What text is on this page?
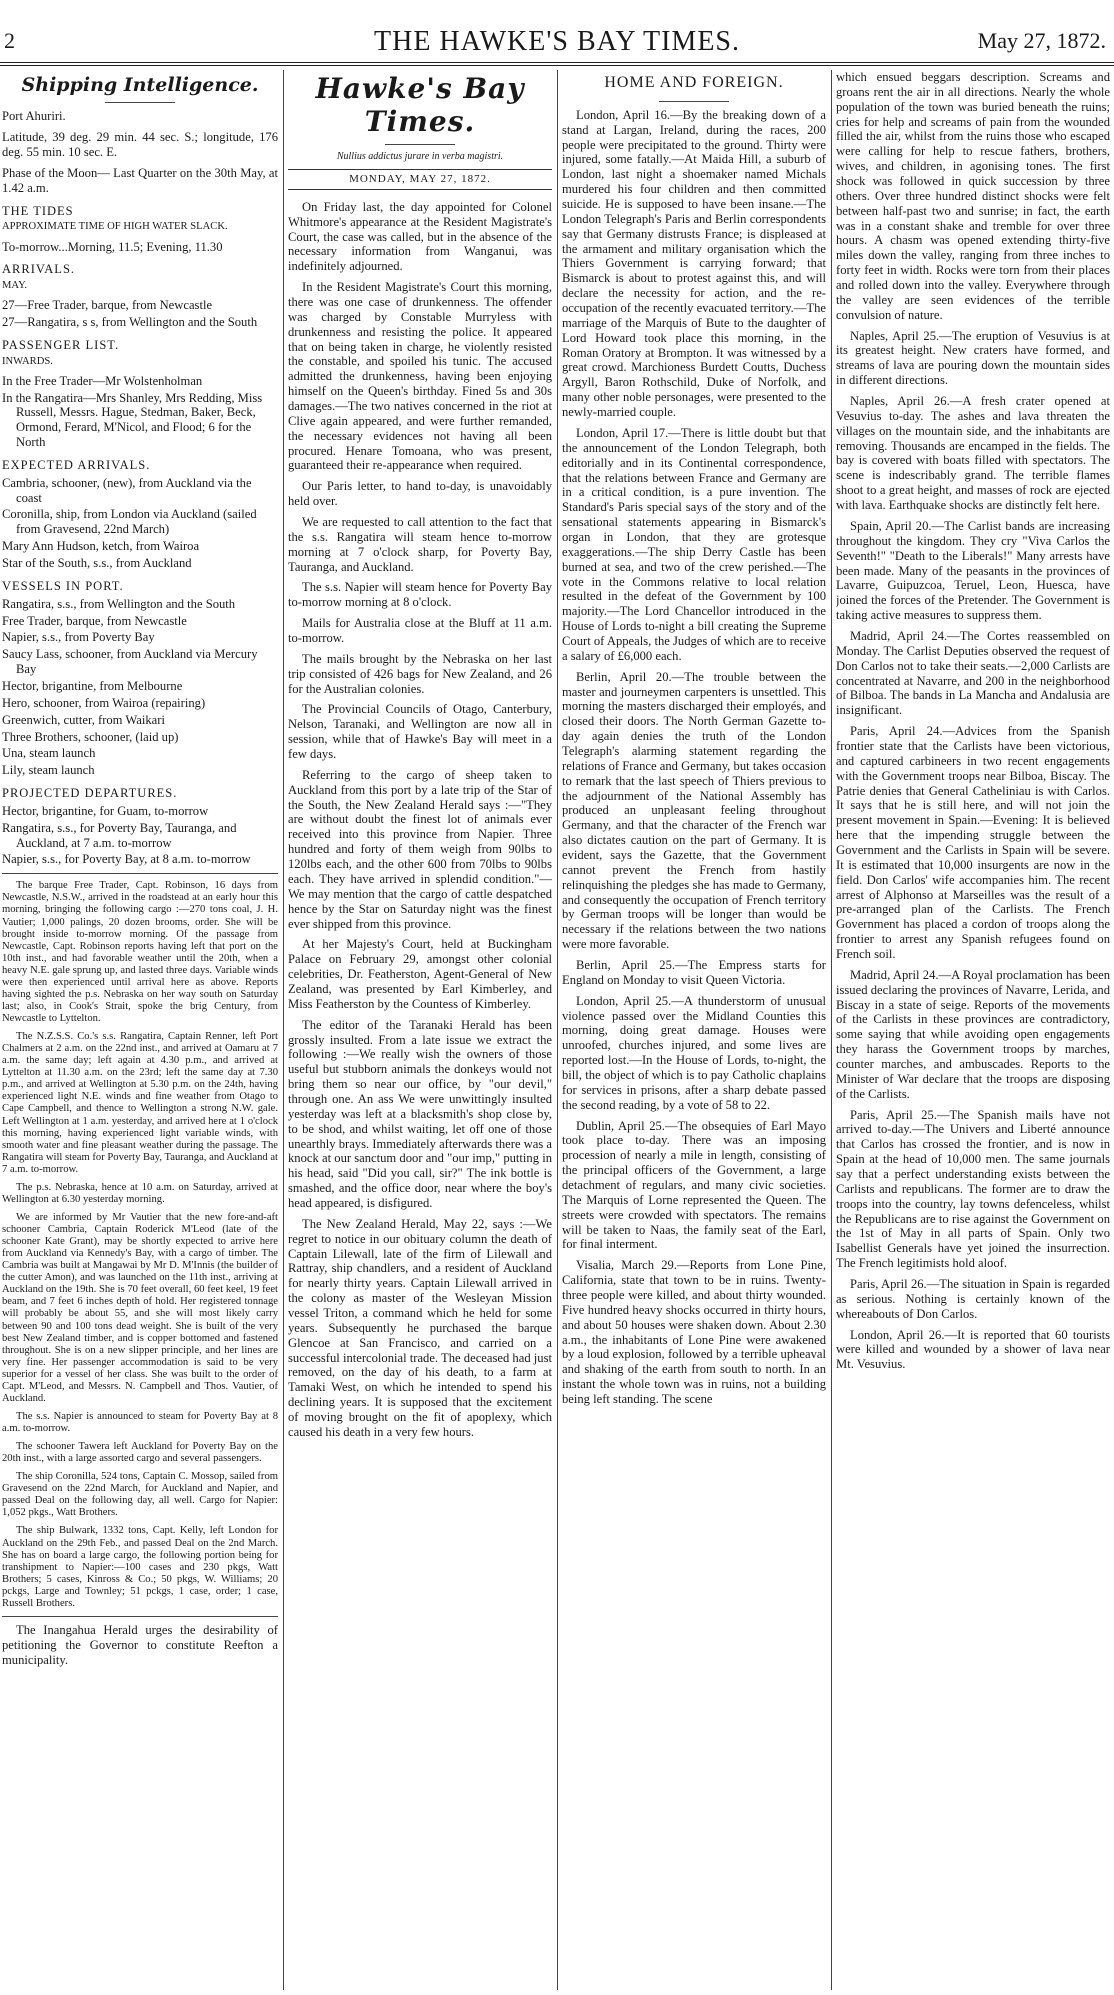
2	THE HAWKE'S BAY TIMES.	May 27, 1872.
Shipping Intelligence.

Port Ahuriri.

Latitude, 39 deg. 29 min. 44 sec. S.; longitude, 176 deg. 55 min. 10 sec. E.

Phase of the Moon— Last Quarter on the 30th May, at 1.42 a.m.

THE TIDES

APPROXIMATE TIME OF HIGH WATER SLACK.

To-morrow...Morning, 11.5; Evening, 11.30

ARRIVALS.

MAY.

27—Free Trader, barque, from Newcastle

27—Rangatira, s s, from Wellington and the South

PASSENGER LIST.

INWARDS.

In the Free Trader—Mr Wolstenholman

In the Rangatira—Mrs Shanley, Mrs Redding, Miss Russell, Messrs. Hague, Stedman, Baker, Beck, Ormond, Ferard, M'Nicol, and Flood; 6 for the North

EXPECTED ARRIVALS.

Cambria, schooner, (new), from Auckland via the coast

Coronilla, ship, from London via Auckland (sailed from Gravesend, 22nd March)

Mary Ann Hudson, ketch, from Wairoa

Star of the South, s.s., from Auckland

VESSELS IN PORT.

Rangatira, s.s., from Wellington and the South

Free Trader, barque, from Newcastle

Napier, s.s., from Poverty Bay

Saucy Lass, schooner, from Auckland via Mercury Bay

Hector, brigantine, from Melbourne

Hero, schooner, from Wairoa (repairing)

Greenwich, cutter, from Waikari

Three Brothers, schooner, (laid up)

Una, steam launch

Lily, steam launch

PROJECTED DEPARTURES.

Hector, brigantine, for Guam, to-morrow

Rangatira, s.s., for Poverty Bay, Tauranga, and Auckland, at 7 a.m. to-morrow

Napier, s.s., for Poverty Bay, at 8 a.m. to-morrow

The barque Free Trader, Capt. Robinson, 16 days from Newcastle, N.S.W., arrived in the roadstead at an early hour this morning, bringing the following cargo :—270 tons coal, J. H. Vautier; 1,000 palings, 20 dozen brooms, order. She will be brought inside to-morrow morning. Of the passage from Newcastle, Capt. Robinson reports having left that port on the 10th inst., and had favorable weather until the 20th, when a heavy N.E. gale sprung up, and lasted three days. Variable winds were then experienced until arrival here as above. Reports having sighted the p.s. Nebraska on her way south on Saturday last; also, in Cook's Strait, spoke the brig Century, from Newcastle to Lyttelton.

The N.Z.S.S. Co.'s s.s. Rangatira, Captain Renner, left Port Chalmers at 2 a.m. on the 22nd inst., and arrived at Oamaru at 7 a.m. the same day; left again at 4.30 p.m., and arrived at Lyttelton at 11.30 a.m. on the 23rd; left the same day at 7.30 p.m., and arrived at Wellington at 5.30 p.m. on the 24th, having experienced light N.E. winds and fine weather from Otago to Cape Campbell, and thence to Wellington a strong N.W. gale. Left Wellington at 1 a.m. yesterday, and arrived here at 1 o'clock this morning, having experienced light variable winds, with smooth water and fine pleasant weather during the passage. The Rangatira will steam for Poverty Bay, Tauranga, and Auckland at 7 a.m. to-morrow.

The p.s. Nebraska, hence at 10 a.m. on Saturday, arrived at Wellington at 6.30 yesterday morning.

We are informed by Mr Vautier that the new fore-and-aft schooner Cambria, Captain Roderick M'Leod (late of the schooner Kate Grant), may be shortly expected to arrive here from Auckland via Kennedy's Bay, with a cargo of timber. The Cambria was built at Mangawai by Mr D. M'Innis (the builder of the cutter Amon), and was launched on the 11th inst., arriving at Auckland on the 19th. She is 70 feet overall, 60 feet keel, 19 feet beam, and 7 feet 6 inches depth of hold. Her registered tonnage will probably be about 55, and she will most likely carry between 90 and 100 tons dead weight. She is built of the very best New Zealand timber, and is copper bottomed and fastened throughout. She is on a new slipper principle, and her lines are very fine. Her passenger accommodation is said to be very superior for a vessel of her class. She was built to the order of Capt. M'Leod, and Messrs. N. Campbell and Thos. Vautier, of Auckland.

The s.s. Napier is announced to steam for Poverty Bay at 8 a.m. to-morrow.

The schooner Tawera left Auckland for Poverty Bay on the 20th inst., with a large assorted cargo and several passengers.

The ship Coronilla, 524 tons, Captain C. Mossop, sailed from Gravesend on the 22nd March, for Auckland and Napier, and passed Deal on the following day, all well. Cargo for Napier: 1,052 pkgs., Watt Brothers.

The ship Bulwark, 1332 tons, Capt. Kelly, left London for Auckland on the 29th Feb., and passed Deal on the 2nd March. She has on board a large cargo, the following portion being for transhipment to Napier:—100 cases and 230 pkgs, Watt Brothers; 5 cases, Kinross & Co.; 50 pkgs, W. Williams; 20 pckgs, Large and Townley; 51 pckgs, 1 case, order; 1 case, Russell Brothers.

The Inangahua Herald urges the desirability of petitioning the Governor to constitute Reefton a municipality.

Hawke's Bay Times.
Nullius addictus jurare in verba magistri.
MONDAY, MAY 27, 1872.

On Friday last, the day appointed for Colonel Whitmore's appearance at the Resident Magistrate's Court, the case was called, but in the absence of the necessary information from Wanganui, was indefinitely adjourned.

In the Resident Magistrate's Court this morning, there was one case of drunkenness. The offender was charged by Constable Murryless with drunkenness and resisting the police. It appeared that on being taken in charge, he violently resisted the constable, and spoiled his tunic. The accused admitted the drunkenness, having been enjoying himself on the Queen's birthday. Fined 5s and 30s damages.—The two natives concerned in the riot at Clive again appeared, and were further remanded, the necessary evidences not having all been procured. Henare Tomoana, who was present, guaranteed their re-appearance when required.

Our Paris letter, to hand to-day, is unavoidably held over.

We are requested to call attention to the fact that the s.s. Rangatira will steam hence to-morrow morning at 7 o'clock sharp, for Poverty Bay, Tauranga, and Auckland.

The s.s. Napier will steam hence for Poverty Bay to-morrow morning at 8 o'clock.

Mails for Australia close at the Bluff at 11 a.m. to-morrow.

The mails brought by the Nebraska on her last trip consisted of 426 bags for New Zealand, and 26 for the Australian colonies.

The Provincial Councils of Otago, Canterbury, Nelson, Taranaki, and Wellington are now all in session, while that of Hawke's Bay will meet in a few days.

Referring to the cargo of sheep taken to Auckland from this port by a late trip of the Star of the South, the New Zealand Herald says :—"They are without doubt the finest lot of animals ever received into this province from Napier. Three hundred and forty of them weigh from 90lbs to 120lbs each, and the other 600 from 70lbs to 90lbs each. They have arrived in splendid condition."—We may mention that the cargo of cattle despatched hence by the Star on Saturday night was the finest ever shipped from this province.

At her Majesty's Court, held at Buckingham Palace on February 29, amongst other colonial celebrities, Dr. Featherston, Agent-General of New Zealand, was presented by Earl Kimberley, and Miss Featherston by the Countess of Kimberley.

The editor of the Taranaki Herald has been grossly insulted. From a late issue we extract the following :—We really wish the owners of those useful but stubborn animals the donkeys would not bring them so near our office, by "our devil," through one. An ass We were unwittingly insulted yesterday was left at a blacksmith's shop close by, to be shod, and whilst waiting, let off one of those unearthly brays. Immediately afterwards there was a knock at our sanctum door and "our imp," putting in his head, said "Did you call, sir?" The ink bottle is smashed, and the office door, near where the boy's head appeared, is disfigured.

The New Zealand Herald, May 22, says :—We regret to notice in our obituary column the death of Captain Lilewall, late of the firm of Lilewall and Rattray, ship chandlers, and a resident of Auckland for nearly thirty years. Captain Lilewall arrived in the colony as master of the Wesleyan Mission vessel Triton, a command which he held for some years. Subsequently he purchased the barque Glencoe at San Francisco, and carried on a successful intercolonial trade. The deceased had just removed, on the day of his death, to a farm at Tamaki West, on which he intended to spend his declining years. It is supposed that the excitement of moving brought on the fit of apoplexy, which caused his death in a very few hours.

HOME AND FOREIGN.

London, April 16.—By the breaking down of a stand at Largan, Ireland, during the races, 200 people were precipitated to the ground. Thirty were injured, some fatally.—At Maida Hill, a suburb of London, last night a shoemaker named Michals murdered his four children and then committed suicide. He is supposed to have been insane.—The London Telegraph's Paris and Berlin correspondents say that Germany distrusts France; is displeased at the armament and military organisation which the Thiers Government is carrying forward; that Bismarck is about to protest against this, and will declare the necessity for action, and the re-occupation of the recently evacuated territory.—The marriage of the Marquis of Bute to the daughter of Lord Howard took place this morning, in the Roman Oratory at Brompton. It was witnessed by a great crowd. Marchioness Burdett Coutts, Duchess Argyll, Baron Rothschild, Duke of Norfolk, and many other noble personages, were presented to the newly-married couple.

London, April 17.—There is little doubt but that the announcement of the London Telegraph, both editorially and in its Continental correspondence, that the relations between France and Germany are in a critical condition, is a pure invention. The Standard's Paris special says of the story and of the sensational statements appearing in Bismarck's organ in London, that they are grotesque exaggerations.—The ship Derry Castle has been burned at sea, and two of the crew perished.—The vote in the Commons relative to local relation resulted in the defeat of the Government by 100 majority.—The Lord Chancellor introduced in the House of Lords to-night a bill creating the Supreme Court of Appeals, the Judges of which are to receive a salary of £6,000 each.

Berlin, April 20.—The trouble between the master and journeymen carpenters is unsettled. This morning the masters discharged their employés, and closed their doors. The North German Gazette to-day again denies the truth of the London Telegraph's alarming statement regarding the relations of France and Germany, but takes occasion to remark that the last speech of Thiers previous to the adjournment of the National Assembly has produced an unpleasant feeling throughout Germany, and that the character of the French war also dictates caution on the part of Germany. It is evident, says the Gazette, that the Government cannot prevent the French from hastily relinquishing the pledges she has made to Germany, and consequently the occupation of French territory by German troops will be longer than would be necessary if the relations between the two nations were more favorable.

Berlin, April 25.—The Empress starts for England on Monday to visit Queen Victoria.

London, April 25.—A thunderstorm of unusual violence passed over the Midland Counties this morning, doing great damage. Houses were unroofed, churches injured, and some lives are reported lost.—In the House of Lords, to-night, the bill, the object of which is to pay Catholic chaplains for services in prisons, after a sharp debate passed the second reading, by a vote of 58 to 22.

Dublin, April 25.—The obsequies of Earl Mayo took place to-day. There was an imposing procession of nearly a mile in length, consisting of the principal officers of the Government, a large detachment of regulars, and many civic societies. The Marquis of Lorne represented the Queen. The streets were crowded with spectators. The remains will be taken to Naas, the family seat of the Earl, for final interment.

Visalia, March 29.—Reports from Lone Pine, California, state that town to be in ruins. Twenty-three people were killed, and about thirty wounded. Five hundred heavy shocks occurred in thirty hours, and about 50 houses were shaken down. About 2.30 a.m., the inhabitants of Lone Pine were awakened by a loud explosion, followed by a terrible upheaval and shaking of the earth from south to north. In an instant the whole town was in ruins, not a building being left standing. The scene

which ensued beggars description. Screams and groans rent the air in all directions. Nearly the whole population of the town was buried beneath the ruins; cries for help and screams of pain from the wounded filled the air, whilst from the ruins those who escaped were calling for help to rescue fathers, brothers, wives, and children, in agonising tones. The first shock was followed in quick succession by three others. Over three hundred distinct shocks were felt between half-past two and sunrise; in fact, the earth was in a constant shake and tremble for over three hours. A chasm was opened extending thirty-five miles down the valley, ranging from three inches to forty feet in width. Rocks were torn from their places and rolled down into the valley. Everywhere through the valley are seen evidences of the terrible convulsion of nature.

Naples, April 25.—The eruption of Vesuvius is at its greatest height. New craters have formed, and streams of lava are pouring down the mountain sides in different directions.

Naples, April 26.—A fresh crater opened at Vesuvius to-day. The ashes and lava threaten the villages on the mountain side, and the inhabitants are removing. Thousands are encamped in the fields. The bay is covered with boats filled with spectators. The scene is indescribably grand. The terrible flames shoot to a great height, and masses of rock are ejected with lava. Earthquake shocks are distinctly felt here.

Spain, April 20.—The Carlist bands are increasing throughout the kingdom. They cry "Viva Carlos the Seventh!" "Death to the Liberals!" Many arrests have been made. Many of the peasants in the provinces of Lavarre, Guipuzcoa, Teruel, Leon, Huesca, have joined the forces of the Pretender. The Government is taking active measures to suppress them.

Madrid, April 24.—The Cortes reassembled on Monday. The Carlist Deputies observed the request of Don Carlos not to take their seats.—2,000 Carlists are concentrated at Navarre, and 200 in the neighborhood of Bilboa. The bands in La Mancha and Andalusia are insignificant.

Paris, April 24.—Advices from the Spanish frontier state that the Carlists have been victorious, and captured carbineers in two recent engagements with the Government troops near Bilboa, Biscay. The Patrie denies that General Catheliniau is with Carlos. It says that he is still here, and will not join the present movement in Spain.—Evening: It is believed here that the impending struggle between the Government and the Carlists in Spain will be severe. It is estimated that 10,000 insurgents are now in the field. Don Carlos' wife accompanies him. The recent arrest of Alphonso at Marseilles was the result of a pre-arranged plan of the Carlists. The French Government has placed a cordon of troops along the frontier to arrest any Spanish refugees found on French soil.

Madrid, April 24.—A Royal proclamation has been issued declaring the provinces of Navarre, Lerida, and Biscay in a state of seige. Reports of the movements of the Carlists in these provinces are contradictory, some saying that while avoiding open engagements they harass the Government troops by marches, counter marches, and ambuscades. Reports to the Minister of War declare that the troops are disposing of the Carlists.

Paris, April 25.—The Spanish mails have not arrived to-day.—The Univers and Liberté announce that Carlos has crossed the frontier, and is now in Spain at the head of 10,000 men. The same journals say that a perfect understanding exists between the Carlists and republicans. The former are to draw the troops into the country, lay towns defenceless, whilst the Republicans are to rise against the Government on the 1st of May in all parts of Spain. Only two Isabellist Generals have yet joined the insurrection. The French legitimists hold aloof.

Paris, April 26.—The situation in Spain is regarded as serious. Nothing is certainly known of the whereabouts of Don Carlos.

London, April 26.—It is reported that 60 tourists were killed and wounded by a shower of lava near Mt. Vesuvius.
